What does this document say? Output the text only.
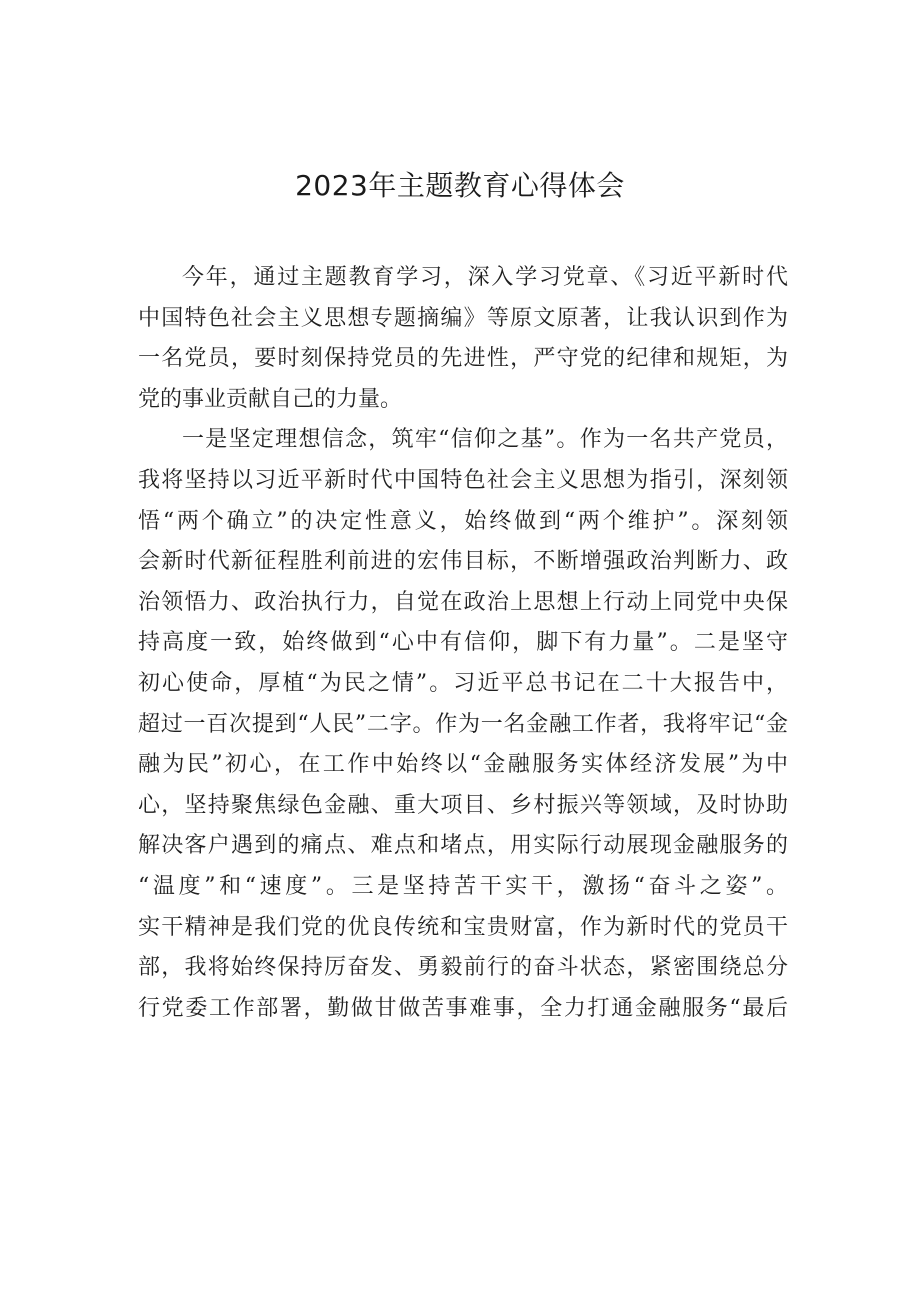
2023年主题教育心得体会
今年，通过主题教育学习，深入学习党章、《习近平新时代
中国特色社会主义思想专题摘编》等原文原著，让我认识到作为
一名党员，要时刻保持党员的先进性，严守党的纪律和规矩，为
党的事业贡献自己的力量。
一是坚定理想信念，筑牢“信仰之基”。作为一名共产党员，
我将坚持以习近平新时代中国特色社会主义思想为指引，深刻领
悟“两个确立”的决定性意义，始终做到“两个维护”。深刻领
会新时代新征程胜利前进的宏伟目标，不断增强政治判断力、政
治领悟力、政治执行力，自觉在政治上思想上行动上同党中央保
持高度一致，始终做到“心中有信仰，脚下有力量”。二是坚守
初心使命，厚植“为民之情”。习近平总书记在二十大报告中，
超过一百次提到“人民”二字。作为一名金融工作者，我将牢记“金
融为民”初心，在工作中始终以“金融服务实体经济发展”为中
心，坚持聚焦绿色金融、重大项目、乡村振兴等领域，及时协助
解决客户遇到的痛点、难点和堵点，用实际行动展现金融服务的
“温度”和“速度”。三是坚持苦干实干，激扬“奋斗之姿”。
实干精神是我们党的优良传统和宝贵财富，作为新时代的党员干
部，我将始终保持厉奋发、勇毅前行的奋斗状态，紧密围绕总分
行党委工作部署，勤做甘做苦事难事，全力打通金融服务“最后
